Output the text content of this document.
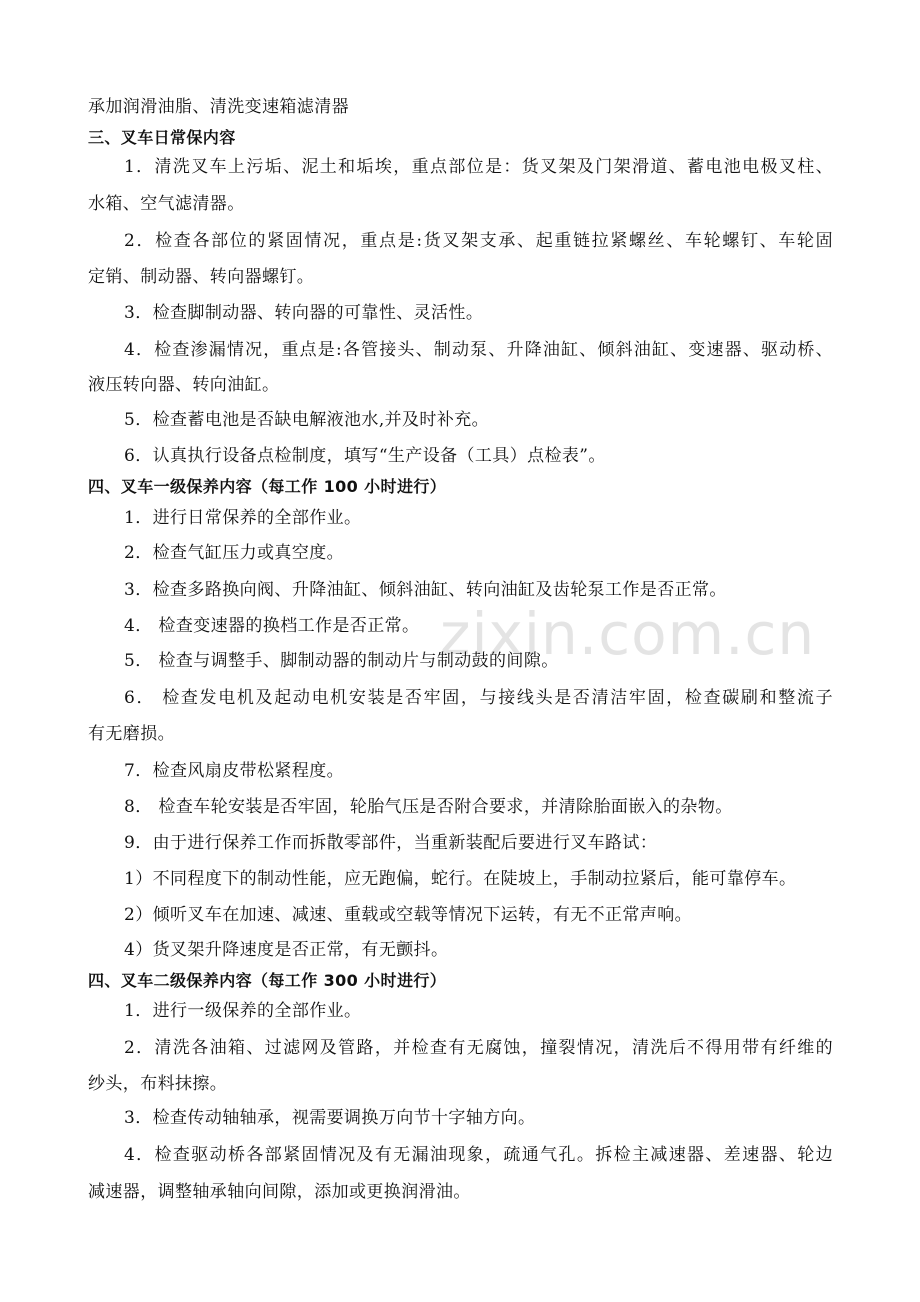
zixin.com.cn
承加润滑油脂、清洗变速箱滤清器
三、叉车日常保内容
1．清洗叉车上污垢、泥土和垢埃，重点部位是：货叉架及门架滑道、蓄电池电极叉柱、
水箱、空气滤清器。
2．检查各部位的紧固情况，重点是:货叉架支承、起重链拉紧螺丝、车轮螺钉、车轮固
定销、制动器、转向器螺钉。
3．检查脚制动器、转向器的可靠性、灵活性。
4．检查渗漏情况，重点是:各管接头、制动泵、升降油缸、倾斜油缸、变速器、驱动桥、
液压转向器、转向油缸。
5．检查蓄电池是否缺电解液池水,并及时补充。
6．认真执行设备点检制度，填写“生产设备（工具）点检表”。
四、叉车一级保养内容（每工作 100 小时进行）
1．进行日常保养的全部作业。
2．检查气缸压力或真空度。
3．检查多路换向阀、升降油缸、倾斜油缸、转向油缸及齿轮泵工作是否正常。
4． 检查变速器的换档工作是否正常。
5． 检查与调整手、脚制动器的制动片与制动鼓的间隙。
6． 检查发电机及起动电机安装是否牢固，与接线头是否清洁牢固，检查碳刷和整流子
有无磨损。
7．检查风扇皮带松紧程度。
8． 检查车轮安装是否牢固，轮胎气压是否附合要求，并清除胎面嵌入的杂物。
9．由于进行保养工作而拆散零部件，当重新装配后要进行叉车路试：
1）不同程度下的制动性能，应无跑偏，蛇行。在陡坡上，手制动拉紧后，能可靠停车。
2）倾听叉车在加速、减速、重载或空载等情况下运转，有无不正常声响。
4）货叉架升降速度是否正常，有无颤抖。
四、叉车二级保养内容（每工作 300 小时进行）
1．进行一级保养的全部作业。
2．清洗各油箱、过滤网及管路，并检查有无腐蚀，撞裂情况，清洗后不得用带有纤维的
纱头，布料抹擦。
3．检查传动轴轴承，视需要调换万向节十字轴方向。
4．检查驱动桥各部紧固情况及有无漏油现象，疏通气孔。拆检主减速器、差速器、轮边
减速器，调整轴承轴向间隙，添加或更换润滑油。
